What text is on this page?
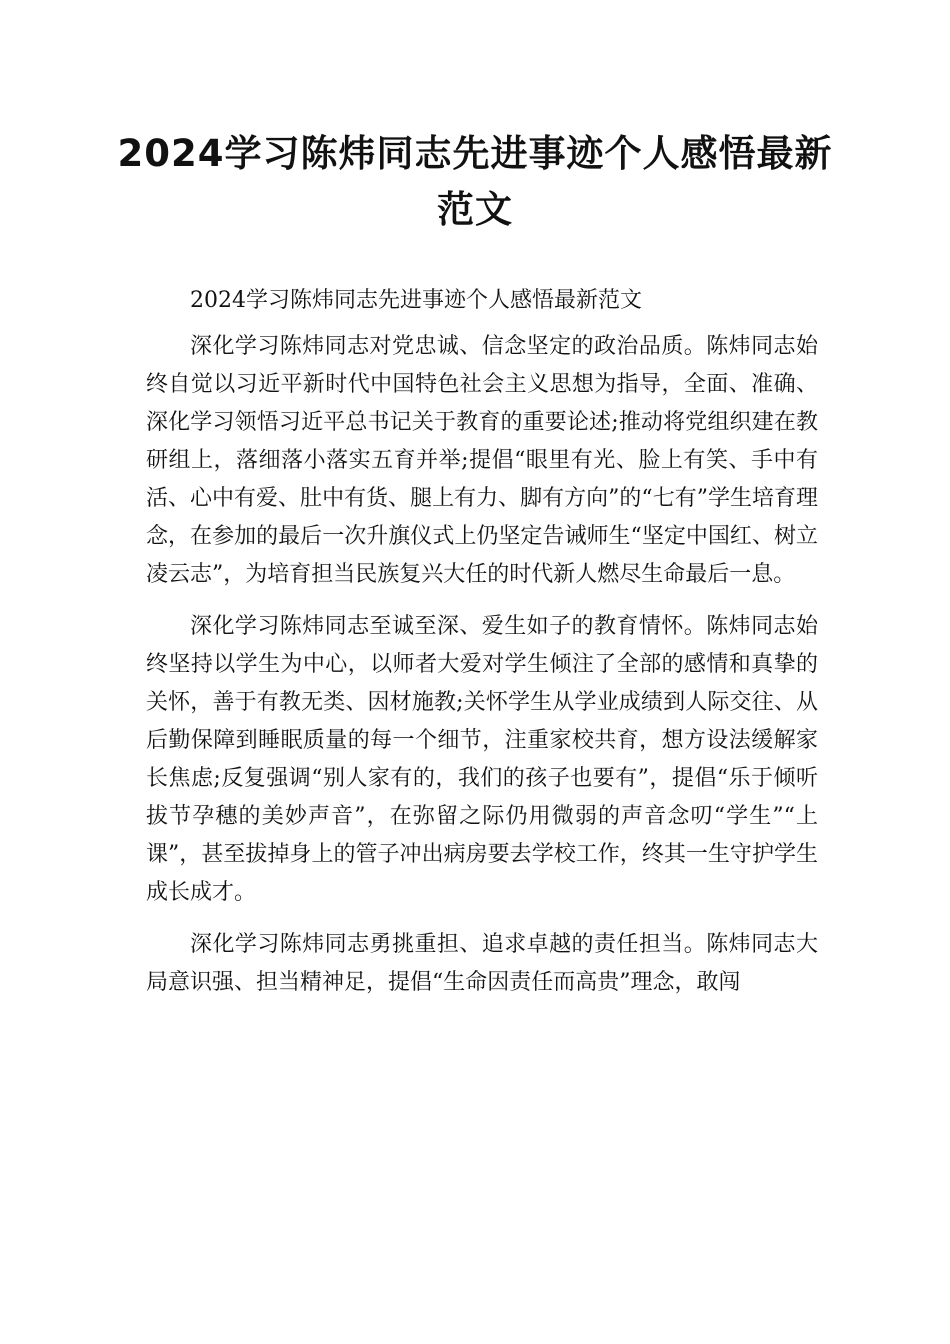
2024学习陈炜同志先进事迹个人感悟最新范文

2024学习陈炜同志先进事迹个人感悟最新范文

深化学习陈炜同志对党忠诚、信念坚定的政治品质。陈炜同志始终自觉以习近平新时代中国特色社会主义思想为指导，全面、准确、深化学习领悟习近平总书记关于教育的重要论述;推动将党组织建在教研组上，落细落小落实五育并举;提倡“眼里有光、脸上有笑、手中有活、心中有爱、肚中有货、腿上有力、脚有方向”的“七有”学生培育理念，在参加的最后一次升旗仪式上仍坚定告诫师生“坚定中国红、树立凌云志”，为培育担当民族复兴大任的时代新人燃尽生命最后一息。

深化学习陈炜同志至诚至深、爱生如子的教育情怀。陈炜同志始终坚持以学生为中心，以师者大爱对学生倾注了全部的感情和真挚的关怀，善于有教无类、因材施教;关怀学生从学业成绩到人际交往、从后勤保障到睡眠质量的每一个细节，注重家校共育，想方设法缓解家长焦虑;反复强调“别人家有的，我们的孩子也要有”，提倡“乐于倾听拔节孕穗的美妙声音”，在弥留之际仍用微弱的声音念叨“学生”“上课”，甚至拔掉身上的管子冲出病房要去学校工作，终其一生守护学生成长成才。

深化学习陈炜同志勇挑重担、追求卓越的责任担当。陈炜同志大局意识强、担当精神足，提倡“生命因责任而高贵”理念，敢闯
